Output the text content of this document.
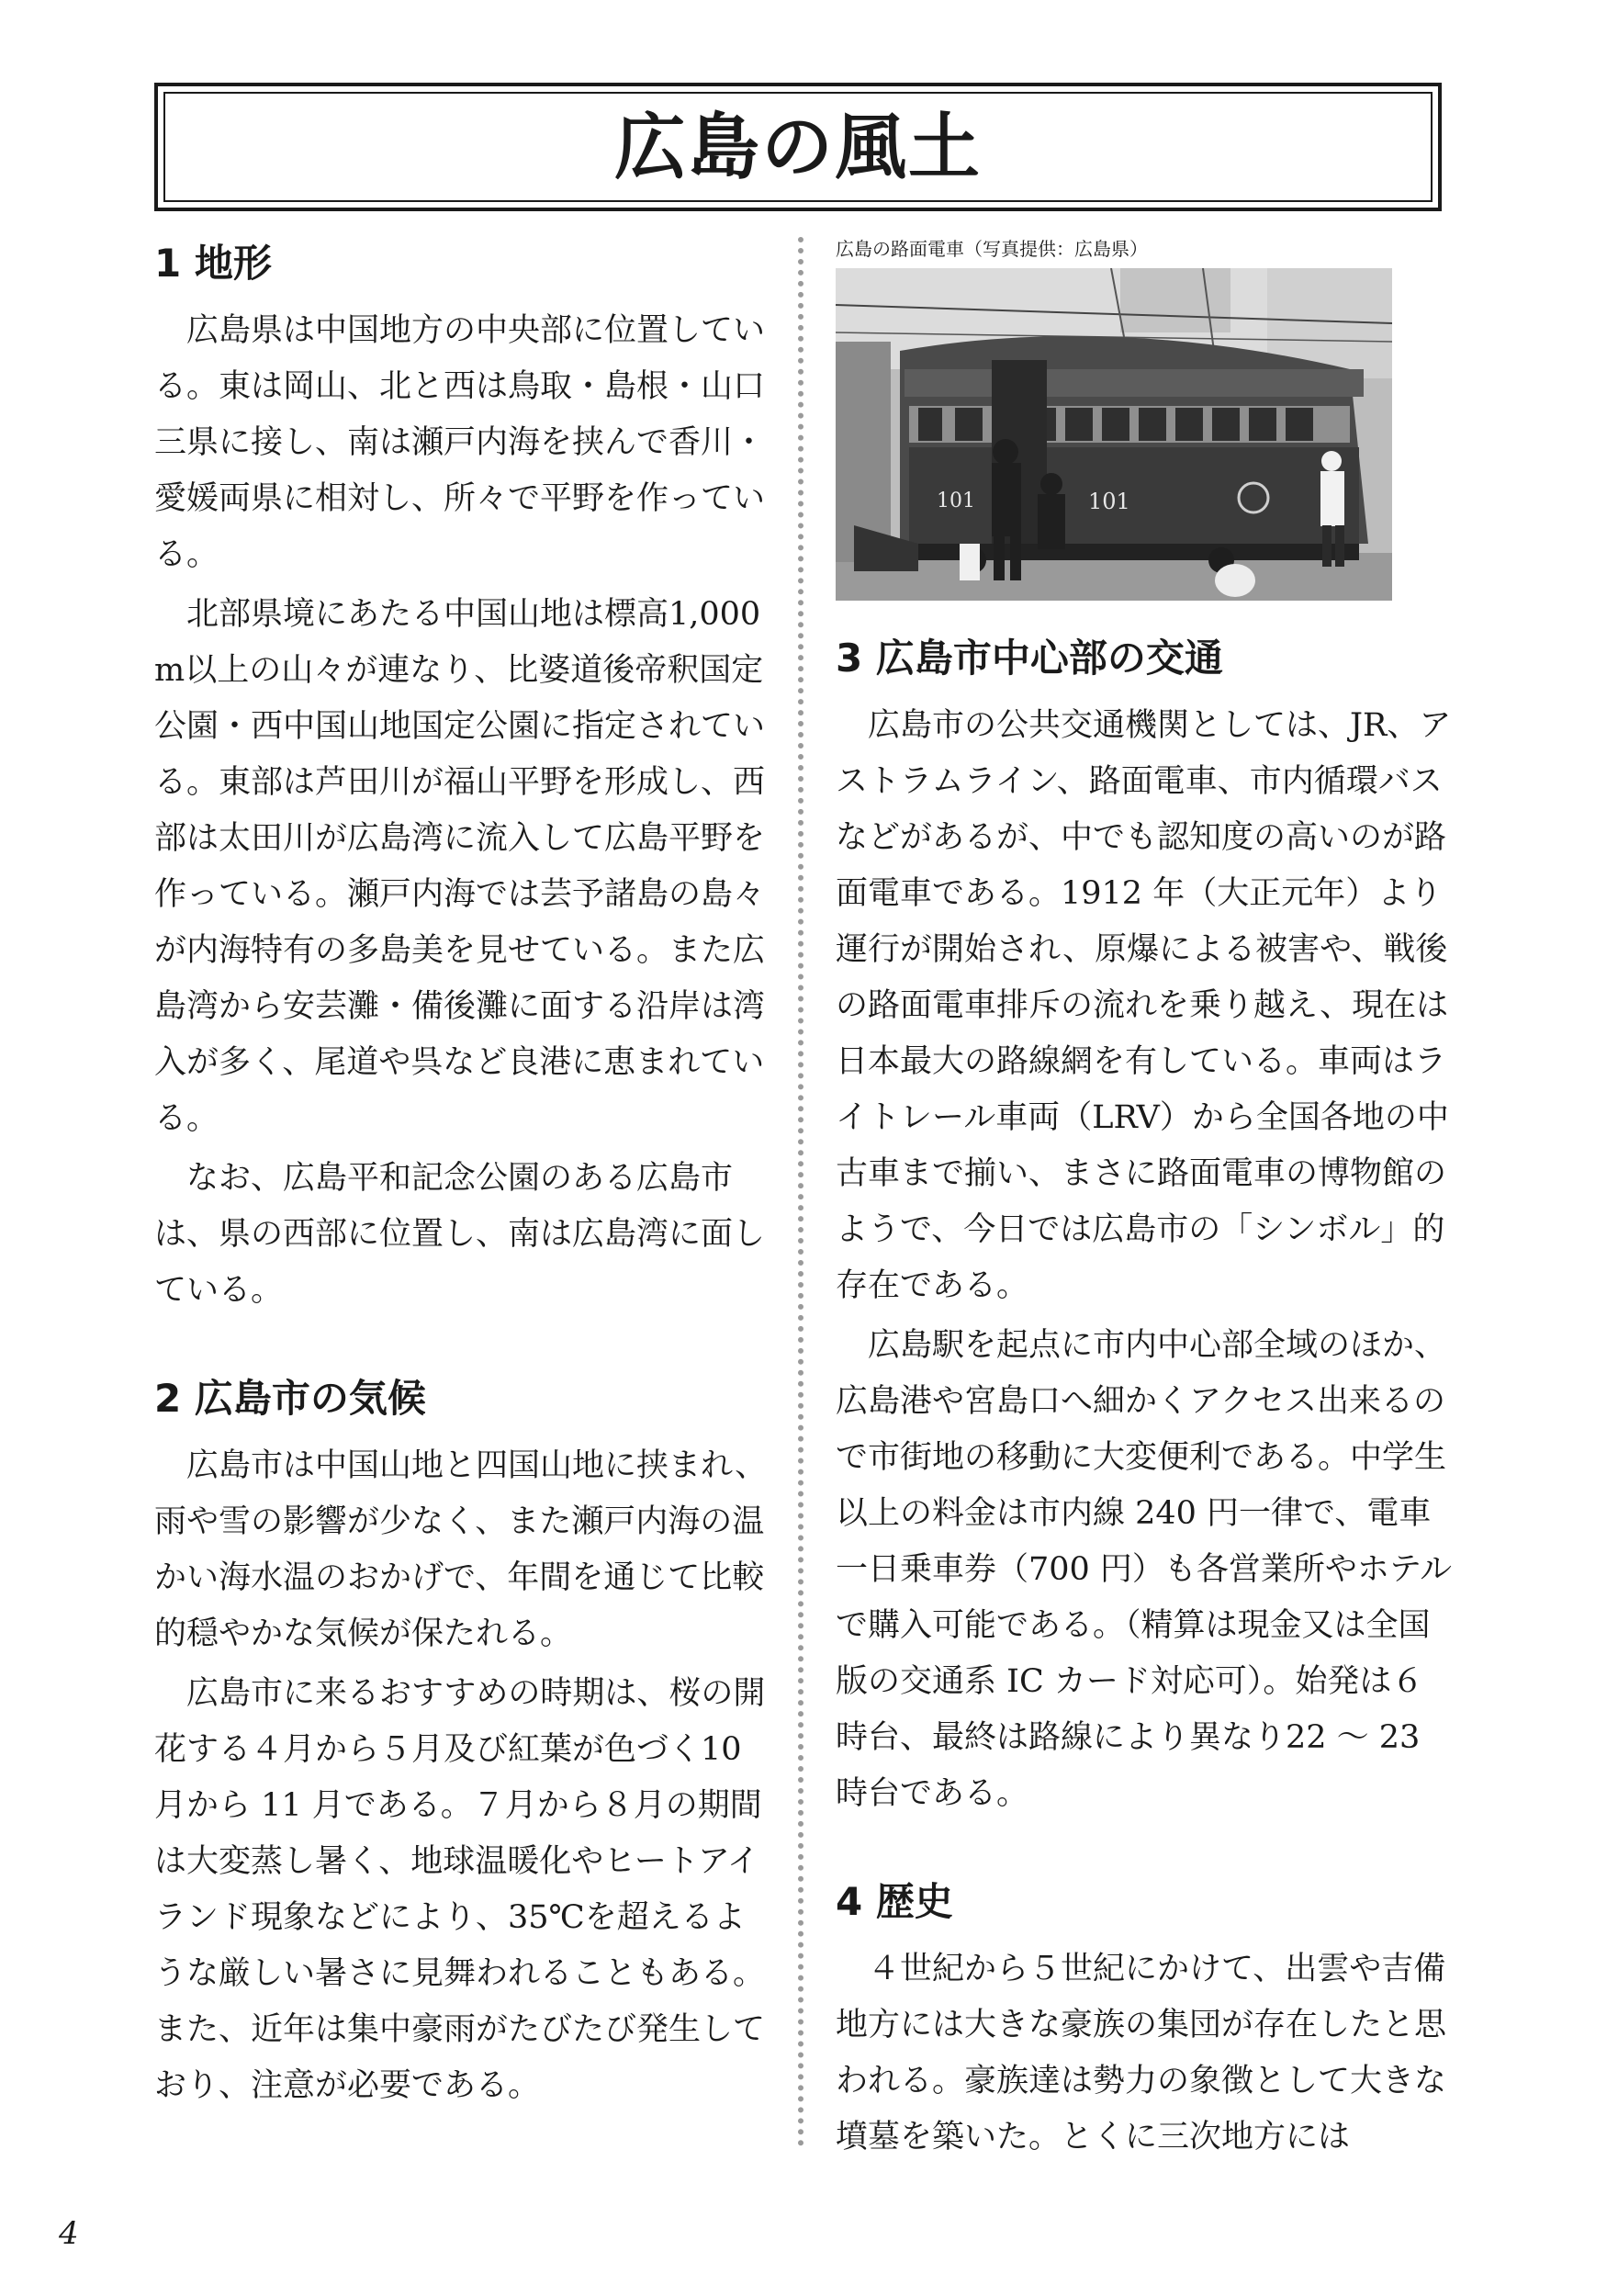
広島の風土
1 地形

広島県は中国地方の中央部に位置している。東は岡山、北と西は鳥取・島根・山口三県に接し、南は瀬戸内海を挟んで香川・愛媛両県に相対し、所々で平野を作っている。

北部県境にあたる中国山地は標高1,000 m以上の山々が連なり、比婆道後帝釈国定公園・西中国山地国定公園に指定されている。東部は芦田川が福山平野を形成し、西部は太田川が広島湾に流入して広島平野を作っている。瀬戸内海では芸予諸島の島々が内海特有の多島美を見せている。また広島湾から安芸灘・備後灘に面する沿岸は湾入が多く、尾道や呉など良港に恵まれている。

なお、広島平和記念公園のある広島市は、県の西部に位置し、南は広島湾に面している。

2 広島市の気候

広島市は中国山地と四国山地に挟まれ、雨や雪の影響が少なく、また瀬戸内海の温かい海水温のおかげで、年間を通じて比較的穏やかな気候が保たれる。

広島市に来るおすすめの時期は、桜の開花する４月から５月及び紅葉が色づく10 月から 11 月である。７月から８月の期間は大変蒸し暑く、地球温暖化やヒートアイランド現象などにより、35℃を超えるような厳しい暑さに見舞われることもある。また、近年は集中豪雨がたびたび発生しており、注意が必要である。

広島の路面電車（写真提供：広島県）
101	101
3 広島市中心部の交通

広島市の公共交通機関としては、JR、アストラムライン、路面電車、市内循環バスなどがあるが、中でも認知度の高いのが路面電車である。1912 年（大正元年）より運行が開始され、原爆による被害や、戦後の路面電車排斥の流れを乗り越え、現在は日本最大の路線網を有している。車両はライトレール車両（LRV）から全国各地の中古車まで揃い、まさに路面電車の博物館のようで、今日では広島市の「シンボル」的存在である。

広島駅を起点に市内中心部全域のほか、広島港や宮島口へ細かくアクセス出来るので市街地の移動に大変便利である。中学生以上の料金は市内線 240 円一律で、電車一日乗車券（700 円）も各営業所やホテルで購入可能である。（精算は現金又は全国版の交通系 IC カード対応可）。始発は６時台、最終は路線により異なり22 ～ 23 時台である。

4 歴史

４世紀から５世紀にかけて、出雲や吉備地方には大きな豪族の集団が存在したと思われる。豪族達は勢力の象徴として大きな墳墓を築いた。とくに三次地方には

4
